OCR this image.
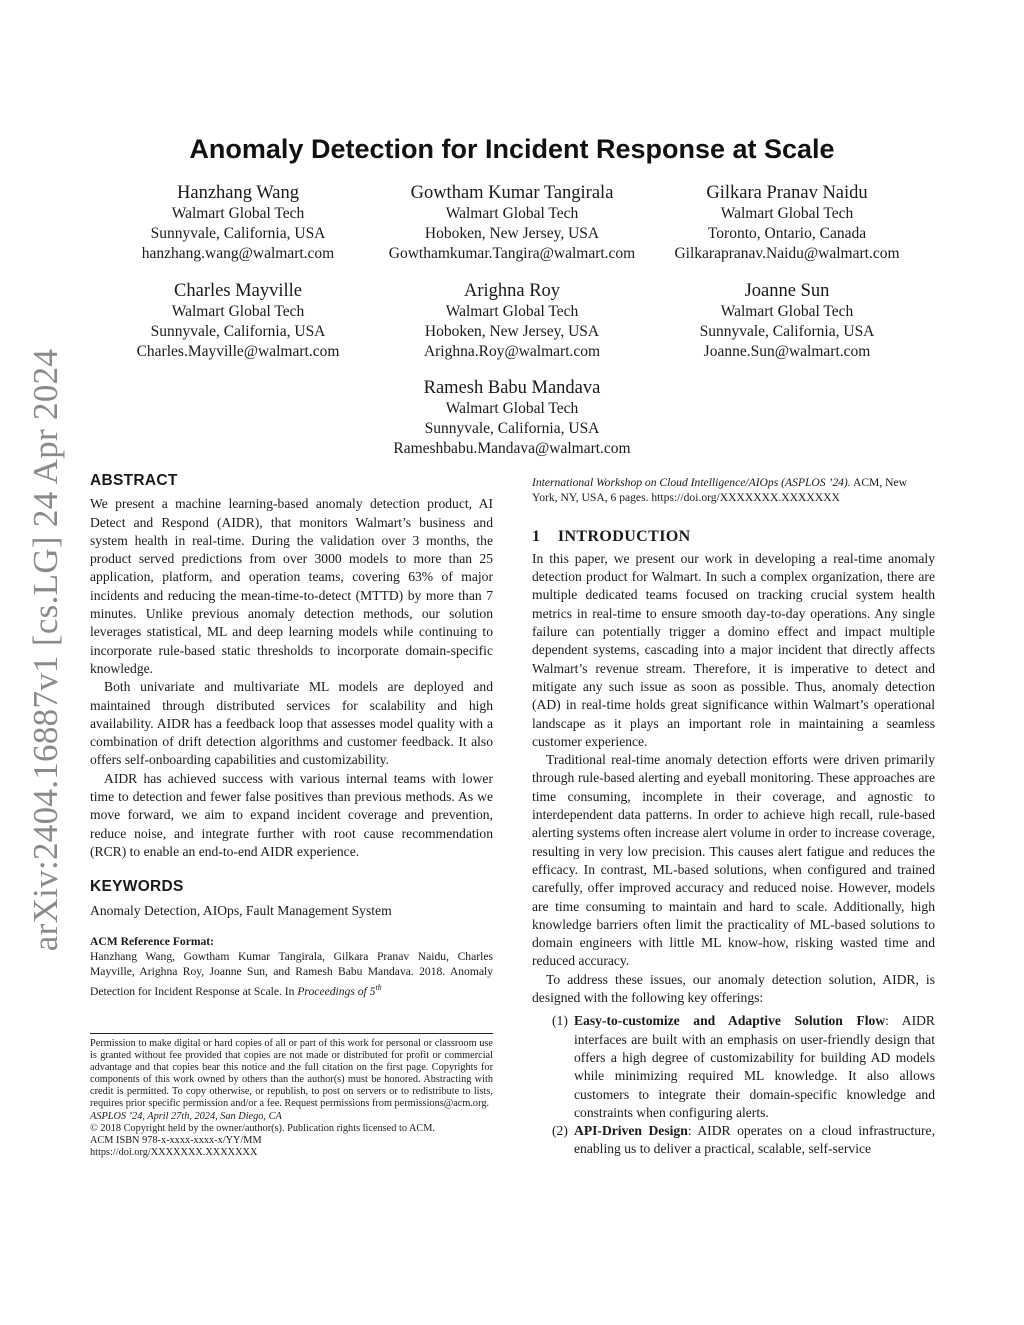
arXiv:2404.16887v1 [cs.LG] 24 Apr 2024
Anomaly Detection for Incident Response at Scale
Hanzhang Wang
Walmart Global Tech
Sunnyvale, California, USA
hanzhang.wang@walmart.com
Gowtham Kumar Tangirala
Walmart Global Tech
Hoboken, New Jersey, USA
Gowthamkumar.Tangira@walmart.com
Gilkara Pranav Naidu
Walmart Global Tech
Toronto, Ontario, Canada
Gilkarapranav.Naidu@walmart.com
Charles Mayville
Walmart Global Tech
Sunnyvale, California, USA
Charles.Mayville@walmart.com
Arighna Roy
Walmart Global Tech
Hoboken, New Jersey, USA
Arighna.Roy@walmart.com
Joanne Sun
Walmart Global Tech
Sunnyvale, California, USA
Joanne.Sun@walmart.com
Ramesh Babu Mandava
Walmart Global Tech
Sunnyvale, California, USA
Rameshbabu.Mandava@walmart.com
ABSTRACT

We present a machine learning-based anomaly detection product, AI Detect and Respond (AIDR), that monitors Walmart’s business and system health in real-time. During the validation over 3 months, the product served predictions from over 3000 models to more than 25 application, platform, and operation teams, covering 63% of major incidents and reducing the mean-time-to-detect (MTTD) by more than 7 minutes. Unlike previous anomaly detection methods, our solution leverages statistical, ML and deep learning models while continuing to incorporate rule-based static thresholds to incorporate domain-specific knowledge.

Both univariate and multivariate ML models are deployed and maintained through distributed services for scalability and high availability. AIDR has a feedback loop that assesses model quality with a combination of drift detection algorithms and customer feedback. It also offers self-onboarding capabilities and customizability.

AIDR has achieved success with various internal teams with lower time to detection and fewer false positives than previous methods. As we move forward, we aim to expand incident coverage and prevention, reduce noise, and integrate further with root cause recommendation (RCR) to enable an end-to-end AIDR experience.

KEYWORDS

Anomaly Detection, AIOps, Fault Management System

ACM Reference Format:

Hanzhang Wang, Gowtham Kumar Tangirala, Gilkara Pranav Naidu, Charles Mayville, Arighna Roy, Joanne Sun, and Ramesh Babu Mandava. 2018. Anomaly Detection for Incident Response at Scale. In Proceedings of 5th

Permission to make digital or hard copies of all or part of this work for personal or classroom use is granted without fee provided that copies are not made or distributed for profit or commercial advantage and that copies bear this notice and the full citation on the first page. Copyrights for components of this work owned by others than the author(s) must be honored. Abstracting with credit is permitted. To copy otherwise, or republish, to post on servers or to redistribute to lists, requires prior specific permission and/or a fee. Request permissions from permissions@acm.org.

ASPLOS ’24, April 27th, 2024, San Diego, CA

© 2018 Copyright held by the owner/author(s). Publication rights licensed to ACM.

ACM ISBN 978-x-xxxx-xxxx-x/YY/MM

https://doi.org/XXXXXXX.XXXXXXX

International Workshop on Cloud Intelligence/AIOps (ASPLOS ’24). ACM, New York, NY, USA, 6 pages. https://doi.org/XXXXXXX.XXXXXXX

1 INTRODUCTION

In this paper, we present our work in developing a real-time anomaly detection product for Walmart. In such a complex organization, there are multiple dedicated teams focused on tracking crucial system health metrics in real-time to ensure smooth day-to-day operations. Any single failure can potentially trigger a domino effect and impact multiple dependent systems, cascading into a major incident that directly affects Walmart’s revenue stream. Therefore, it is imperative to detect and mitigate any such issue as soon as possible. Thus, anomaly detection (AD) in real-time holds great significance within Walmart’s operational landscape as it plays an important role in maintaining a seamless customer experience.

Traditional real-time anomaly detection efforts were driven primarily through rule-based alerting and eyeball monitoring. These approaches are time consuming, incomplete in their coverage, and agnostic to interdependent data patterns. In order to achieve high recall, rule-based alerting systems often increase alert volume in order to increase coverage, resulting in very low precision. This causes alert fatigue and reduces the efficacy. In contrast, ML-based solutions, when configured and trained carefully, offer improved accuracy and reduced noise. However, models are time consuming to maintain and hard to scale. Additionally, high knowledge barriers often limit the practicality of ML-based solutions to domain engineers with little ML know-how, risking wasted time and reduced accuracy.

To address these issues, our anomaly detection solution, AIDR, is designed with the following key offerings:

(1) Easy-to-customize and Adaptive Solution Flow: AIDR interfaces are built with an emphasis on user-friendly design that offers a high degree of customizability for building AD models while minimizing required ML knowledge. It also allows customers to integrate their domain-specific knowledge and constraints when configuring alerts.
(2) API-Driven Design: AIDR operates on a cloud infrastructure, enabling us to deliver a practical, scalable, self-service
